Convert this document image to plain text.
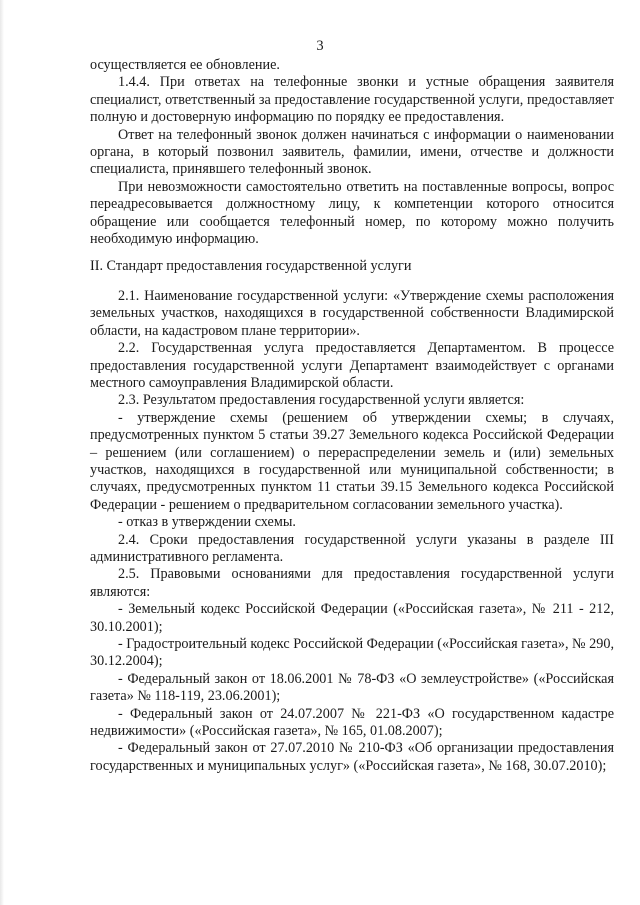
3

осуществляется ее обновление.

1.4.4. При ответах на телефонные звонки и устные обращения заявителя специалист, ответственный за предоставление государственной услуги, предоставляет полную и достоверную информацию по порядку ее предоставления.

Ответ на телефонный звонок должен начинаться с информации о наименовании органа, в который позвонил заявитель, фамилии, имени, отчестве и должности специалиста, принявшего телефонный звонок.

При невозможности самостоятельно ответить на поставленные вопросы, вопрос переадресовывается должностному лицу, к компетенции которого относится обращение или сообщается телефонный номер, по которому можно получить необходимую информацию.

II. Стандарт предоставления государственной услуги

2.1. Наименование государственной услуги: «Утверждение схемы расположения земельных участков, находящихся в государственной собственности Владимирской области, на кадастровом плане территории».

2.2. Государственная услуга предоставляется Департаментом. В процессе предоставления государственной услуги Департамент взаимодействует с органами местного самоуправления Владимирской области.

2.3. Результатом предоставления государственной услуги является:

- утверждение схемы (решением об утверждении схемы; в случаях, предусмотренных пунктом 5 статьи 39.27 Земельного кодекса Российской Федерации – решением (или соглашением) о перераспределении земель и (или) земельных участков, находящихся в государственной или муниципальной собственности; в случаях, предусмотренных пунктом 11 статьи 39.15 Земельного кодекса Российской Федерации - решением о предварительном согласовании земельного участка).

- отказ в утверждении схемы.

2.4. Сроки предоставления государственной услуги указаны в разделе III административного регламента.

2.5. Правовыми основаниями для предоставления государственной услуги являются:

- Земельный кодекс Российской Федерации («Российская газета», № 211 - 212, 30.10.2001);

- Градостроительный кодекс Российской Федерации («Российская газета», № 290, 30.12.2004);

- Федеральный закон от 18.06.2001 № 78-ФЗ «О землеустройстве» («Российская газета» № 118-119, 23.06.2001);

- Федеральный закон от 24.07.2007 № 221-ФЗ «О государственном кадастре недвижимости» («Российская газета», № 165, 01.08.2007);

- Федеральный закон от 27.07.2010 № 210-ФЗ «Об организации предоставления государственных и муниципальных услуг» («Российская газета», № 168, 30.07.2010);
